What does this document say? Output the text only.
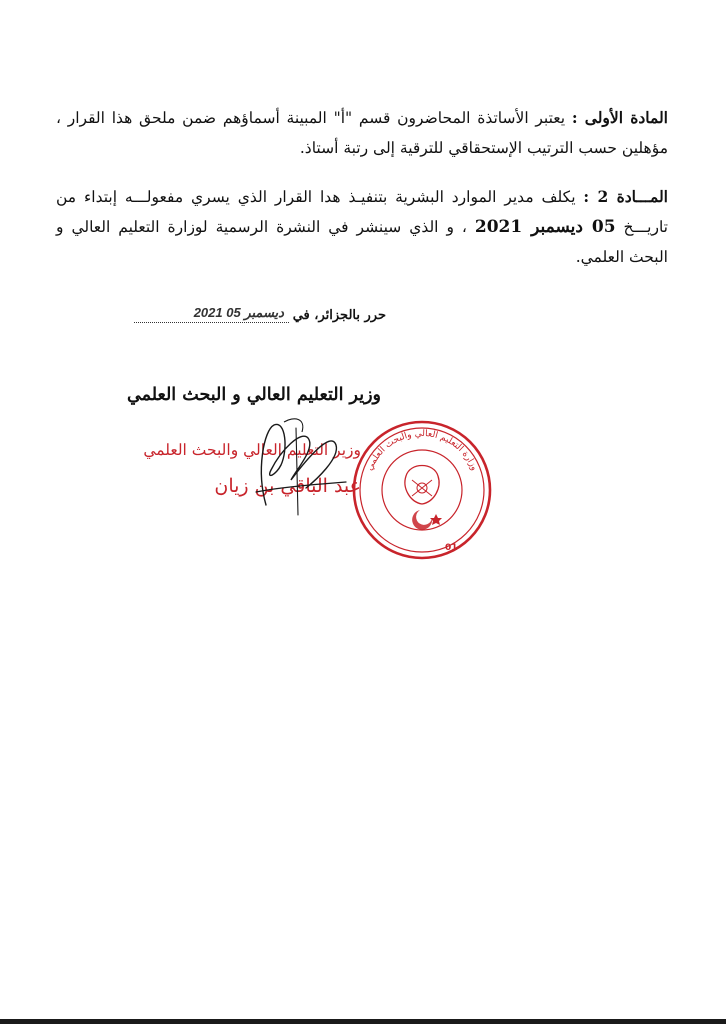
المادة الأولى : يعتبر الأساتذة المحاضرون قسم "أ" المبينة أسماؤهم ضمن ملحق هذا القرار ، مؤهلين حسب الترتيب الإستحقاقي للترقية إلى رتبة أستاذ.

المـــادة 2 : يكلف مدير الموارد البشرية بتنفيـذ هدا القرار الذي يسري مفعولـــه إبتداء من تاريـــخ 05 ديسمبر 2021 ، و الذي سينشر في النشرة الرسمية لوزارة التعليم العالي و البحث العلمي.

حرر بالجزائر، في
2021 ديسمبر 05
وزير التعليم العالي و البحث العلمي
وزير التعليم العالي والبحث العلمي
عبد الباقي بن زيان
وزارة التعليم العالي والبحث العلمي
01
